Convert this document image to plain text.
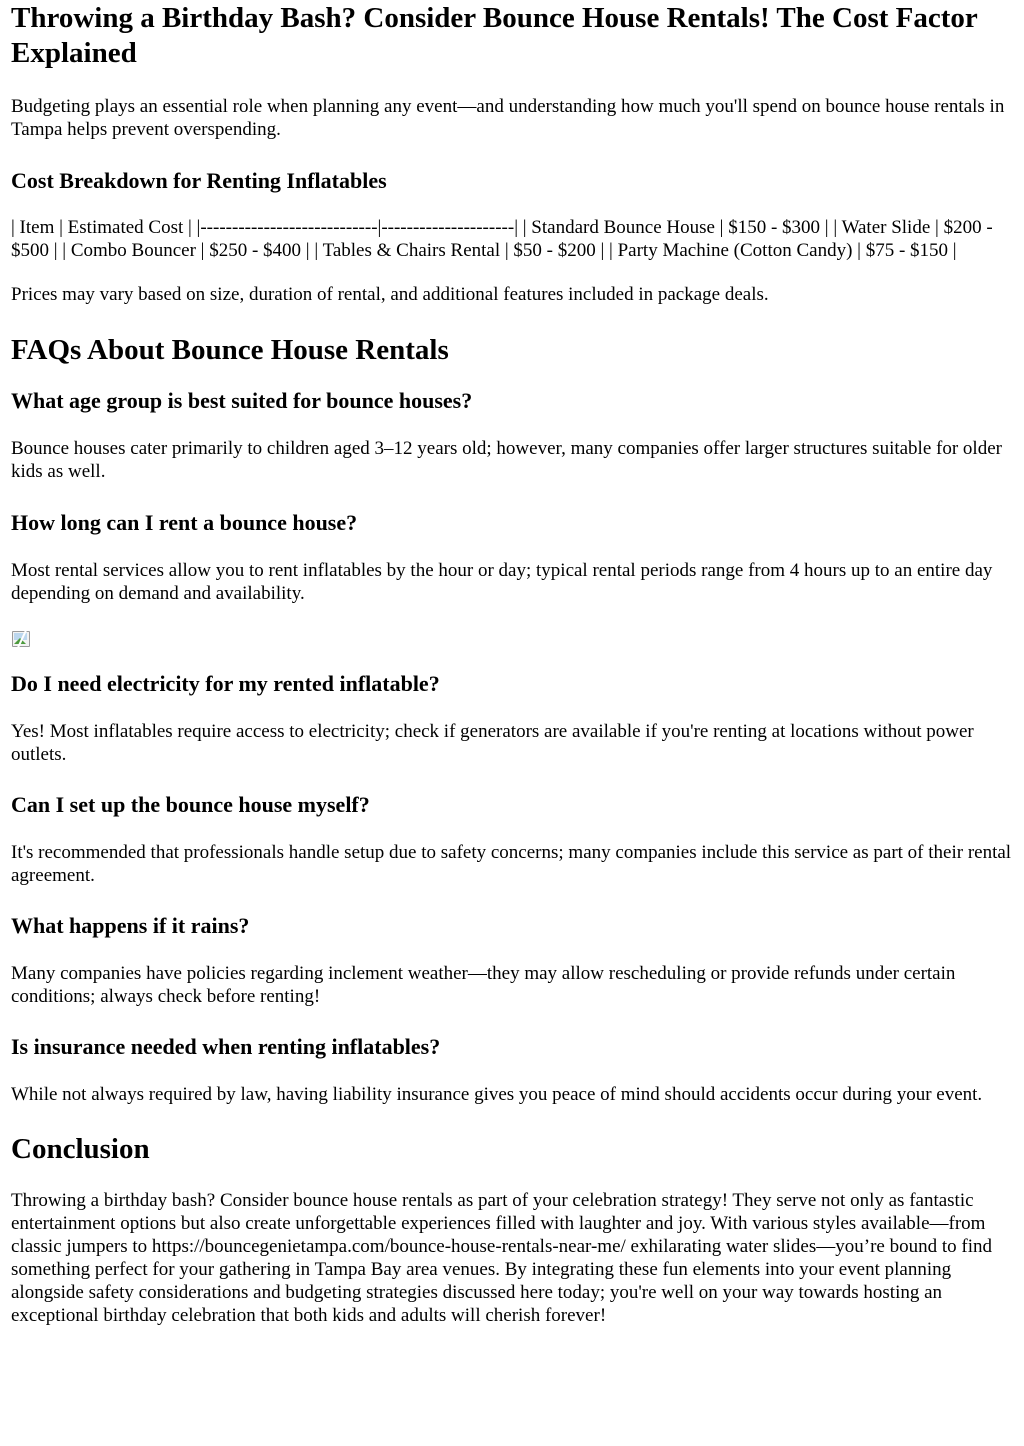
Throwing a Birthday Bash? Consider Bounce House Rentals! The Cost Factor Explained

Budgeting plays an essential role when planning any event—and understanding how much you'll spend on bounce house rentals in Tampa helps prevent overspending.

Cost Breakdown for Renting Inflatables

| Item | Estimated Cost | |----------------------------|---------------------| | Standard Bounce House | $150 - $300 | | Water Slide | $200 - $500 | | Combo Bouncer | $250 - $400 | | Tables & Chairs Rental | $50 - $200 | | Party Machine (Cotton Candy) | $75 - $150 |

Prices may vary based on size, duration of rental, and additional features included in package deals.

FAQs About Bounce House Rentals
What age group is best suited for bounce houses?

Bounce houses cater primarily to children aged 3–12 years old; however, many companies offer larger structures suitable for older kids as well.

How long can I rent a bounce house?

Most rental services allow you to rent inflatables by the hour or day; typical rental periods range from 4 hours up to an entire day depending on demand and availability.

Do I need electricity for my rented inflatable?

Yes! Most inflatables require access to electricity; check if generators are available if you're renting at locations without power outlets.

Can I set up the bounce house myself?

It's recommended that professionals handle setup due to safety concerns; many companies include this service as part of their rental agreement.

What happens if it rains?

Many companies have policies regarding inclement weather—they may allow rescheduling or provide refunds under certain conditions; always check before renting!

Is insurance needed when renting inflatables?

While not always required by law, having liability insurance gives you peace of mind should accidents occur during your event.

Conclusion

Throwing a birthday bash? Consider bounce house rentals as part of your celebration strategy! They serve not only as fantastic entertainment options but also create unforgettable experiences filled with laughter and joy. With various styles available—from classic jumpers to https://bouncegenietampa.com/bounce-house-rentals-near-me/ exhilarating water slides—you’re bound to find something perfect for your gathering in Tampa Bay area venues. By integrating these fun elements into your event planning alongside safety considerations and budgeting strategies discussed here today; you're well on your way towards hosting an exceptional birthday celebration that both kids and adults will cherish forever!
